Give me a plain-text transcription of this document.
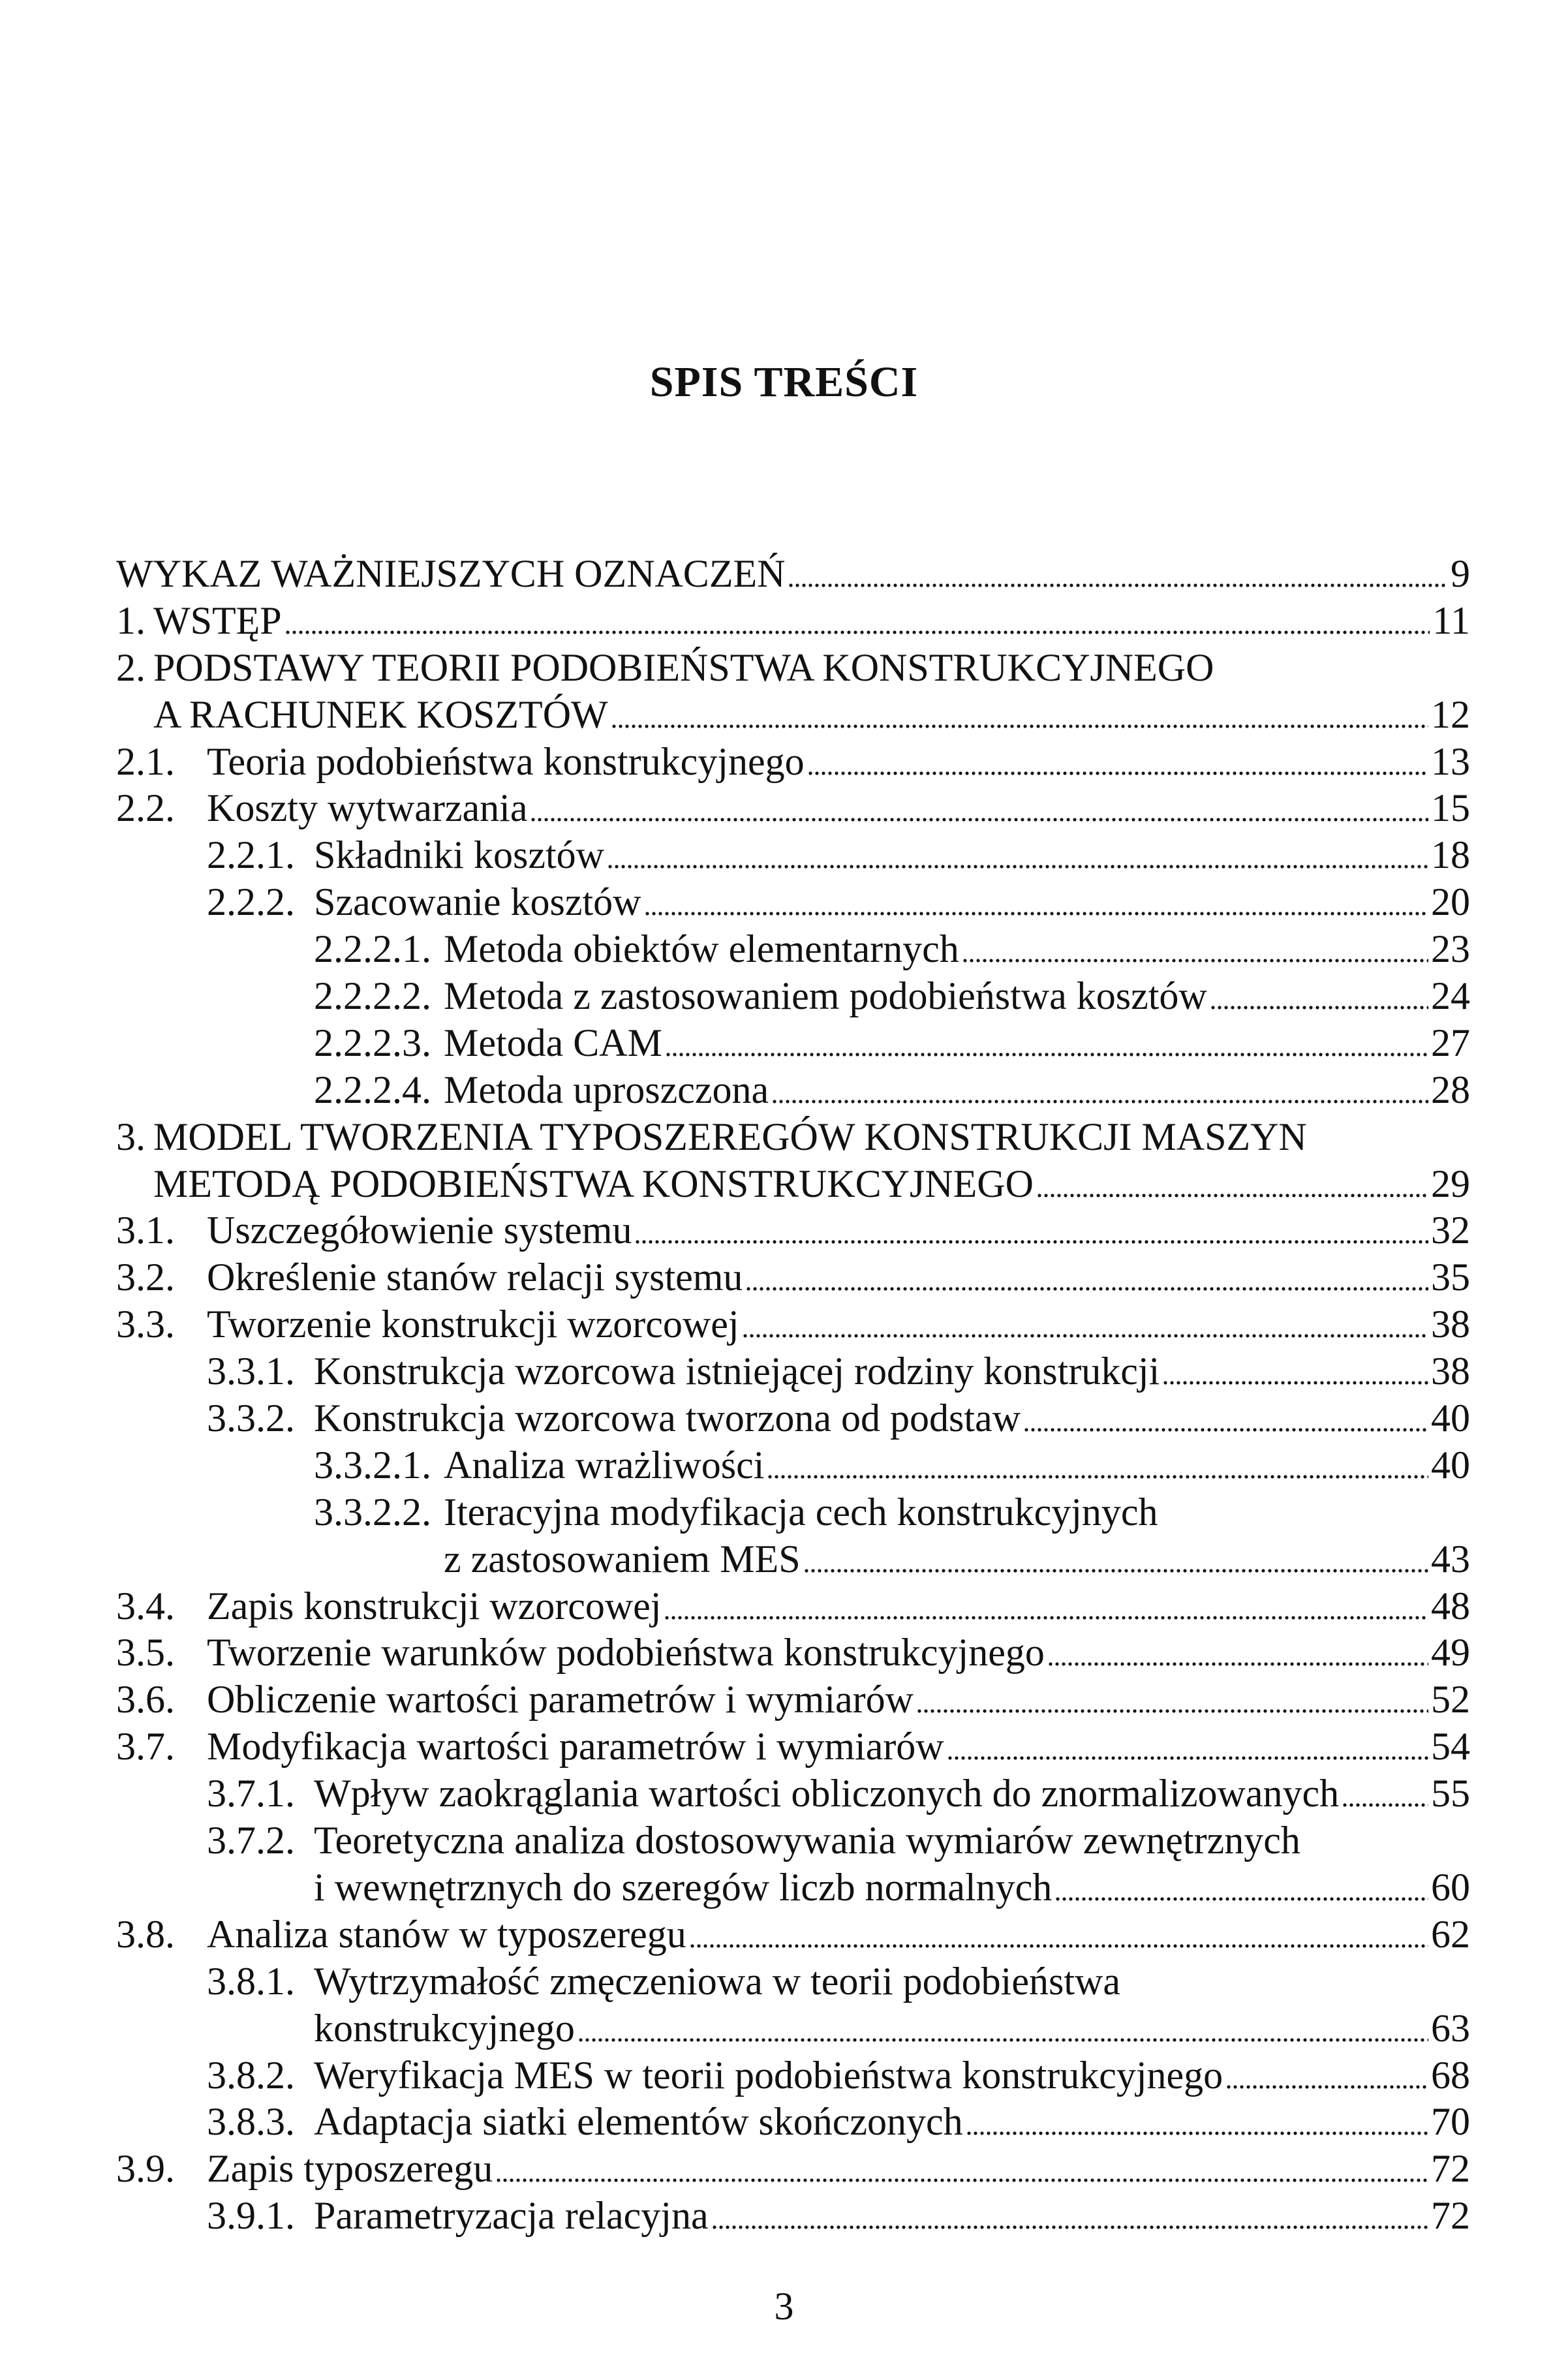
SPIS TREŚCI
WYKAZ WAŻNIEJSZYCH OZNACZEŃ	9
1. WSTĘP	11
2. PODSTAWY TEORII PODOBIEŃSTWA KONSTRUKCYJNEGO
A RACHUNEK KOSZTÓW	12
2.1. Teoria podobieństwa konstrukcyjnego	13
2.2. Koszty wytwarzania	15
2.2.1. Składniki kosztów	18
2.2.2. Szacowanie kosztów	20
2.2.2.1. Metoda obiektów elementarnych	23
2.2.2.2. Metoda z zastosowaniem podobieństwa kosztów	24
2.2.2.3. Metoda CAM	27
2.2.2.4. Metoda uproszczona	28
3. MODEL TWORZENIA TYPOSZEREGÓW KONSTRUKCJI MASZYN
METODĄ PODOBIEŃSTWA KONSTRUKCYJNEGO	29
3.1. Uszczegółowienie systemu	32
3.2. Określenie stanów relacji systemu	35
3.3. Tworzenie konstrukcji wzorcowej	38
3.3.1. Konstrukcja wzorcowa istniejącej rodziny konstrukcji	38
3.3.2. Konstrukcja wzorcowa tworzona od podstaw	40
3.3.2.1. Analiza wrażliwości	40
3.3.2.2. Iteracyjna modyfikacja cech konstrukcyjnych
z zastosowaniem MES	43
3.4. Zapis konstrukcji wzorcowej	48
3.5. Tworzenie warunków podobieństwa konstrukcyjnego	49
3.6. Obliczenie wartości parametrów i wymiarów	52
3.7. Modyfikacja wartości parametrów i wymiarów	54
3.7.1. Wpływ zaokrąglania wartości obliczonych do znormalizowanych 55
3.7.2. Teoretyczna analiza dostosowywania wymiarów zewnętrznych
i wewnętrznych do szeregów liczb normalnych	60
3.8. Analiza stanów w typoszeregu	62
3.8.1. Wytrzymałość zmęczeniowa w teorii podobieństwa
konstrukcyjnego	63
3.8.2. Weryfikacja MES w teorii podobieństwa konstrukcyjnego	68
3.8.3. Adaptacja siatki elementów skończonych	70
3.9. Zapis typoszeregu	72
3.9.1. Parametryzacja relacyjna	72
3
